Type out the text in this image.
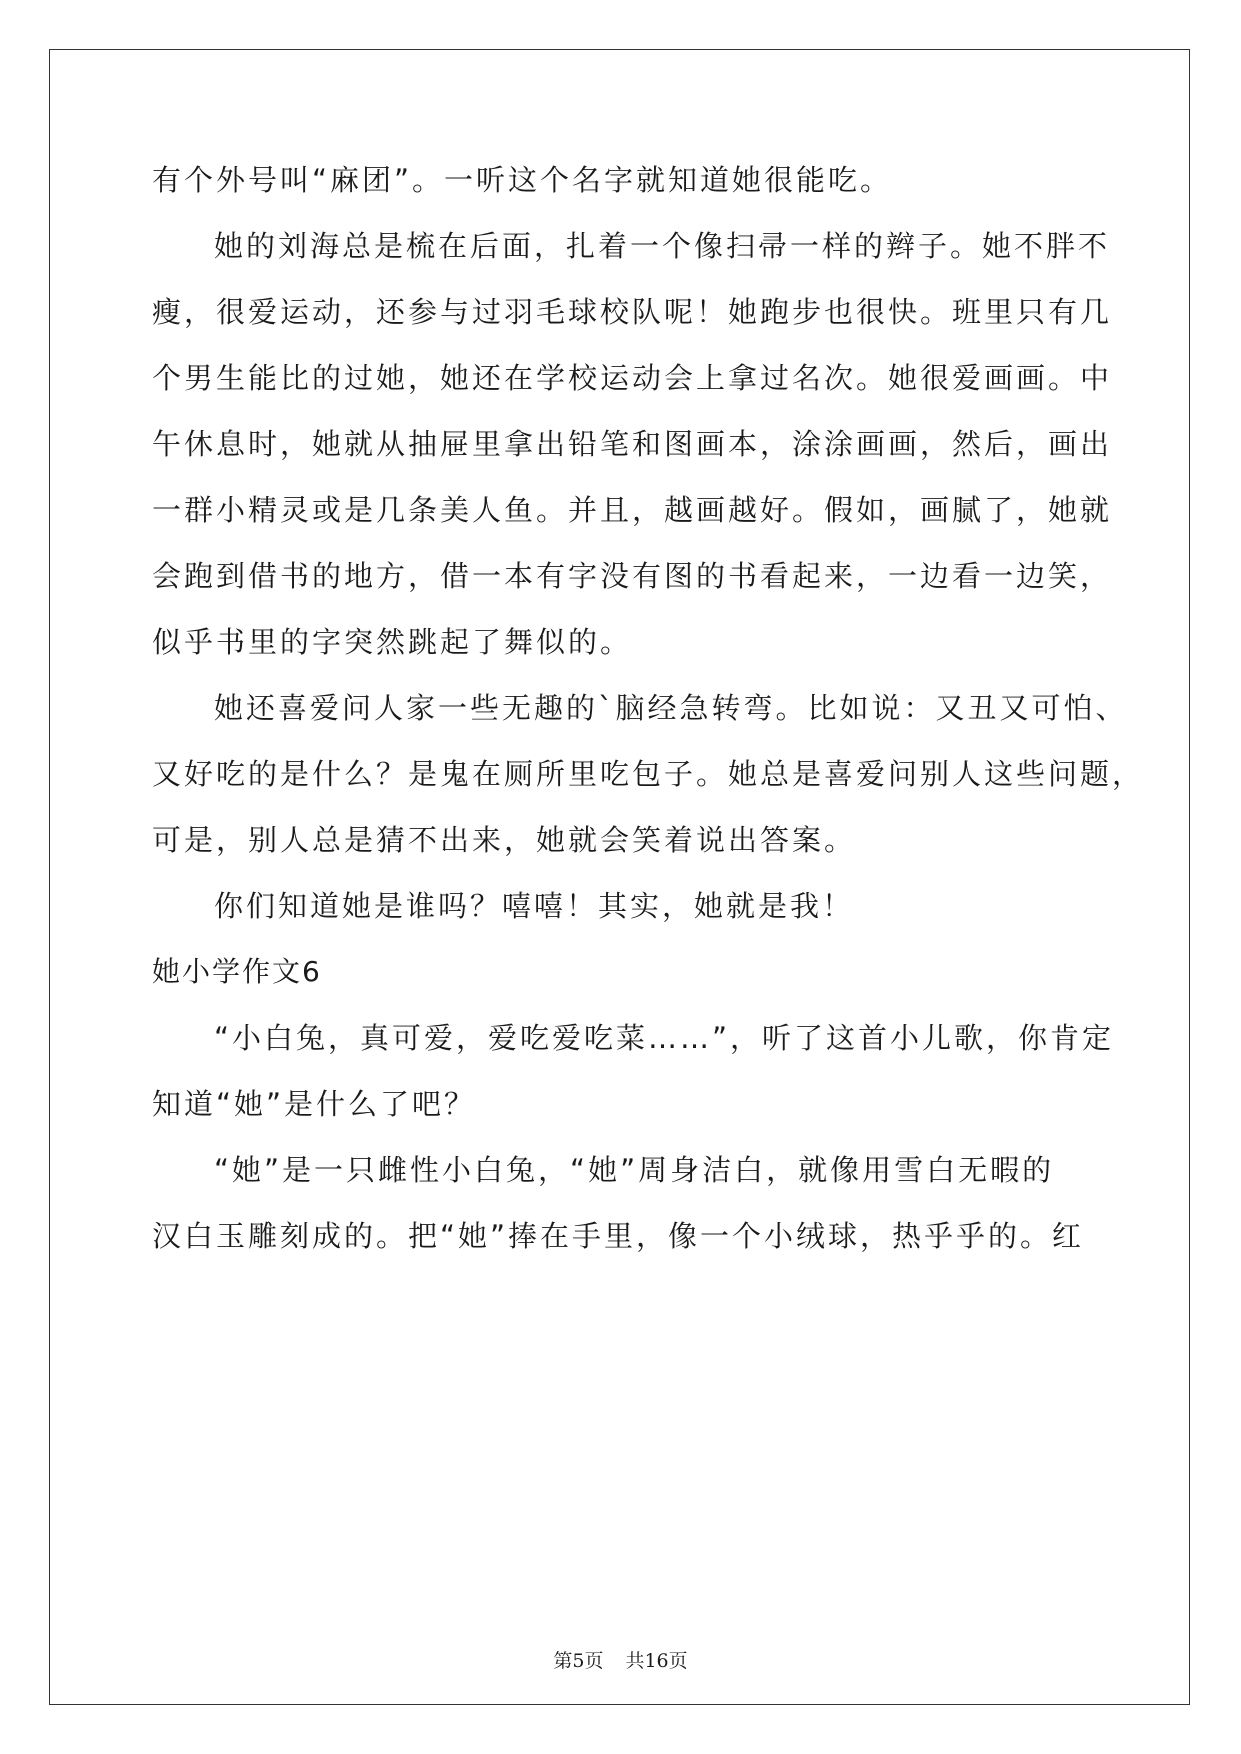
有个外号叫“麻团”。一听这个名字就知道她很能吃。
她的刘海总是梳在后面，扎着一个像扫帚一样的辫子。她不胖不
瘦，很爱运动，还参与过羽毛球校队呢！她跑步也很快。班里只有几
个男生能比的过她，她还在学校运动会上拿过名次。她很爱画画。中
午休息时，她就从抽屉里拿出铅笔和图画本，涂涂画画，然后，画出
一群小精灵或是几条美人鱼。并且，越画越好。假如，画腻了，她就
会跑到借书的地方，借一本有字没有图的书看起来，一边看一边笑，
似乎书里的字突然跳起了舞似的。
她还喜爱问人家一些无趣的`脑经急转弯。比如说：又丑又可怕、
又好吃的是什么？是鬼在厕所里吃包子。她总是喜爱问别人这些问题，
可是，别人总是猜不出来，她就会笑着说出答案。
你们知道她是谁吗？嘻嘻！其实，她就是我！
她小学作文6
“小白兔，真可爱，爱吃爱吃菜……”，听了这首小儿歌，你肯定
知道“她”是什么了吧？
“她”是一只雌性小白兔，“她”周身洁白，就像用雪白无暇的
汉白玉雕刻成的。把“她”捧在手里，像一个小绒球，热乎乎的。红
第5页 共16页
